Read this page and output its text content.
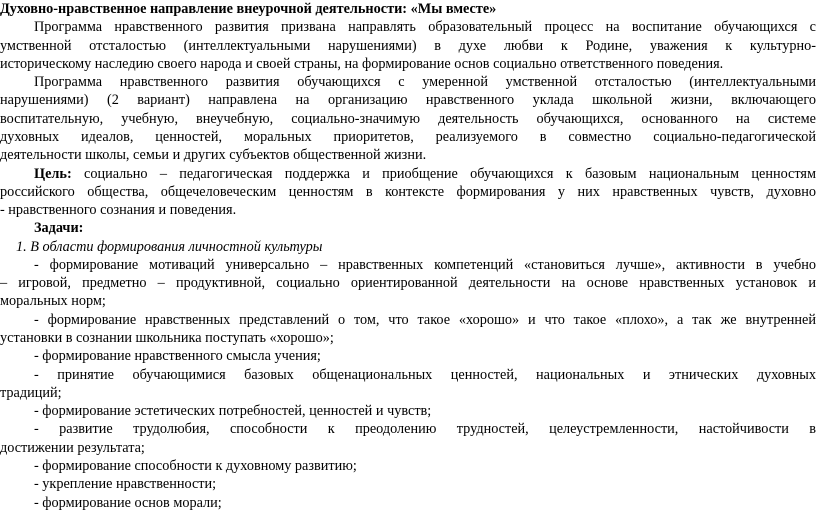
Духовно-нравственное направление внеурочной деятельности: «Мы вместе»
Программа нравственного развития призвана направлять образовательный процесс на воспитание обучающихся с
умственной отсталостью (интеллектуальными нарушениями) в духе любви к Родине, уважения к культурно-
историческому наследию своего народа и своей страны, на формирование основ социально ответственного поведения.
Программа нравственного развития обучающихся с умеренной умственной отсталостью (интеллектуальными
нарушениями) (2 вариант) направлена на организацию нравственного уклада школьной жизни, включающего
воспитательную, учебную, внеучебную, социально-значимую деятельность обучающихся, основанного на системе
духовных идеалов, ценностей, моральных приоритетов, реализуемого в совместно социально-педагогической
деятельности школы, семьи и других субъектов общественной жизни.
Цель: социально – педагогическая поддержка и приобщение обучающихся к базовым национальным ценностям
российского общества, общечеловеческим ценностям в контексте формирования у них нравственных чувств, духовно
- нравственного сознания и поведения.
Задачи:
1. В области формирования личностной культуры
- формирование мотиваций универсально – нравственных компетенций «становиться лучше», активности в учебно
– игровой, предметно – продуктивной, социально ориентированной деятельности на основе нравственных установок и
моральных норм;
- формирование нравственных представлений о том, что такое «хорошо» и что такое «плохо», а так же внутренней
установки в сознании школьника поступать «хорошо»;
- формирование нравственного смысла учения;
- принятие обучающимися базовых общенациональных ценностей, национальных и этнических духовных
традиций;
- формирование эстетических потребностей, ценностей и чувств;
- развитие трудолюбия, способности к преодолению трудностей, целеустремленности, настойчивости в
достижении результата;
- формирование способности к духовному развитию;
- укрепление нравственности;
- формирование основ морали;
